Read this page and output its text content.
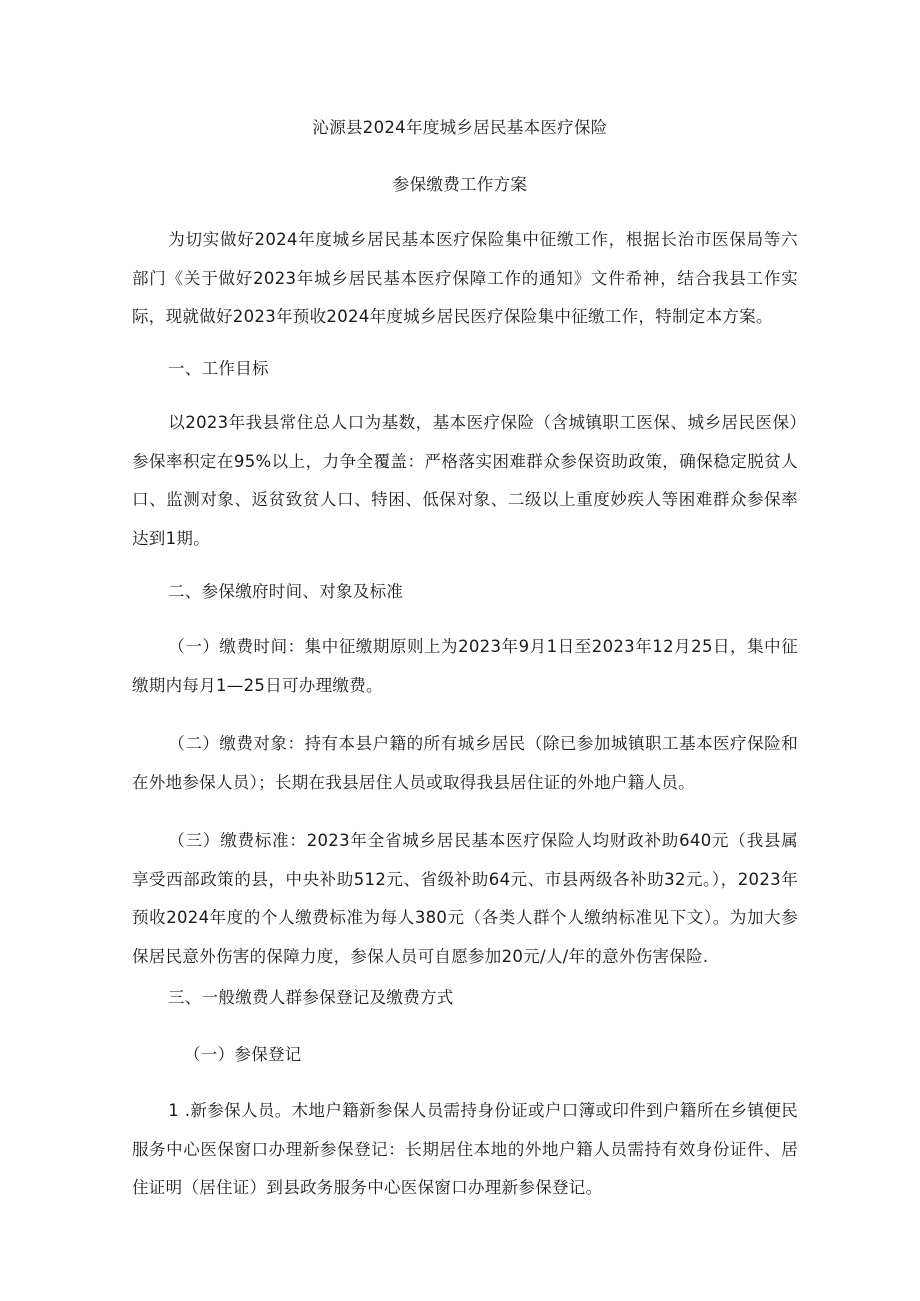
沁源县2024年度城乡居民基本医疗保险
参保缴费工作方案

为切实做好2024年度城乡居民基本医疗保险集中征缴工作，根据长治市医保局等六部门《关于做好2023年城乡居民基本医疗保障工作的通知》文件希神，结合我县工作实际，现就做好2023年预收2024年度城乡居民医疗保险集中征缴工作，特制定本方案。

一、工作目标

以2023年我县常住总人口为基数，基本医疗保险（含城镇职工医保、城乡居民医保）参保率积定在95%以上，力争全覆盖：严格落实困难群众参保资助政策，确保稳定脱贫人口、监测对象、返贫致贫人口、特困、低保对象、二级以上重度妙疾人等困难群众参保率达到1期。

二、参保缴府时间、对象及标准

（一）缴费时间：集中征缴期原则上为2023年9月1日至2023年12月25日，集中征缴期内每月1—25日可办理缴费。

（二）缴费对象：持有本县户籍的所有城乡居民（除已参加城镇职工基本医疗保险和在外地参保人员）；长期在我县居住人员或取得我县居住证的外地户籍人员。

（三）缴费标准：2023年全省城乡居民基本医疗保险人均财政补助640元（我县属享受西部政策的县，中央补助512元、省级补助64元、市县两级各补助32元。），2023年预收2024年度的个人缴费标准为每人380元（各类人群个人缴纳标准见下文）。为加大参保居民意外伤害的保障力度，参保人员可自愿参加20元/人/年的意外伤害保险.

三、一般缴费人群参保登记及缴费方式

（一）参保登记

1 .新参保人员。木地户籍新参保人员需持身份证或户口簿或印件到户籍所在乡镇便民服务中心医保窗口办理新参保登记：长期居住本地的外地户籍人员需持有效身份证件、居住证明（居住证）到县政务服务中心医保窗口办理新参保登记。
